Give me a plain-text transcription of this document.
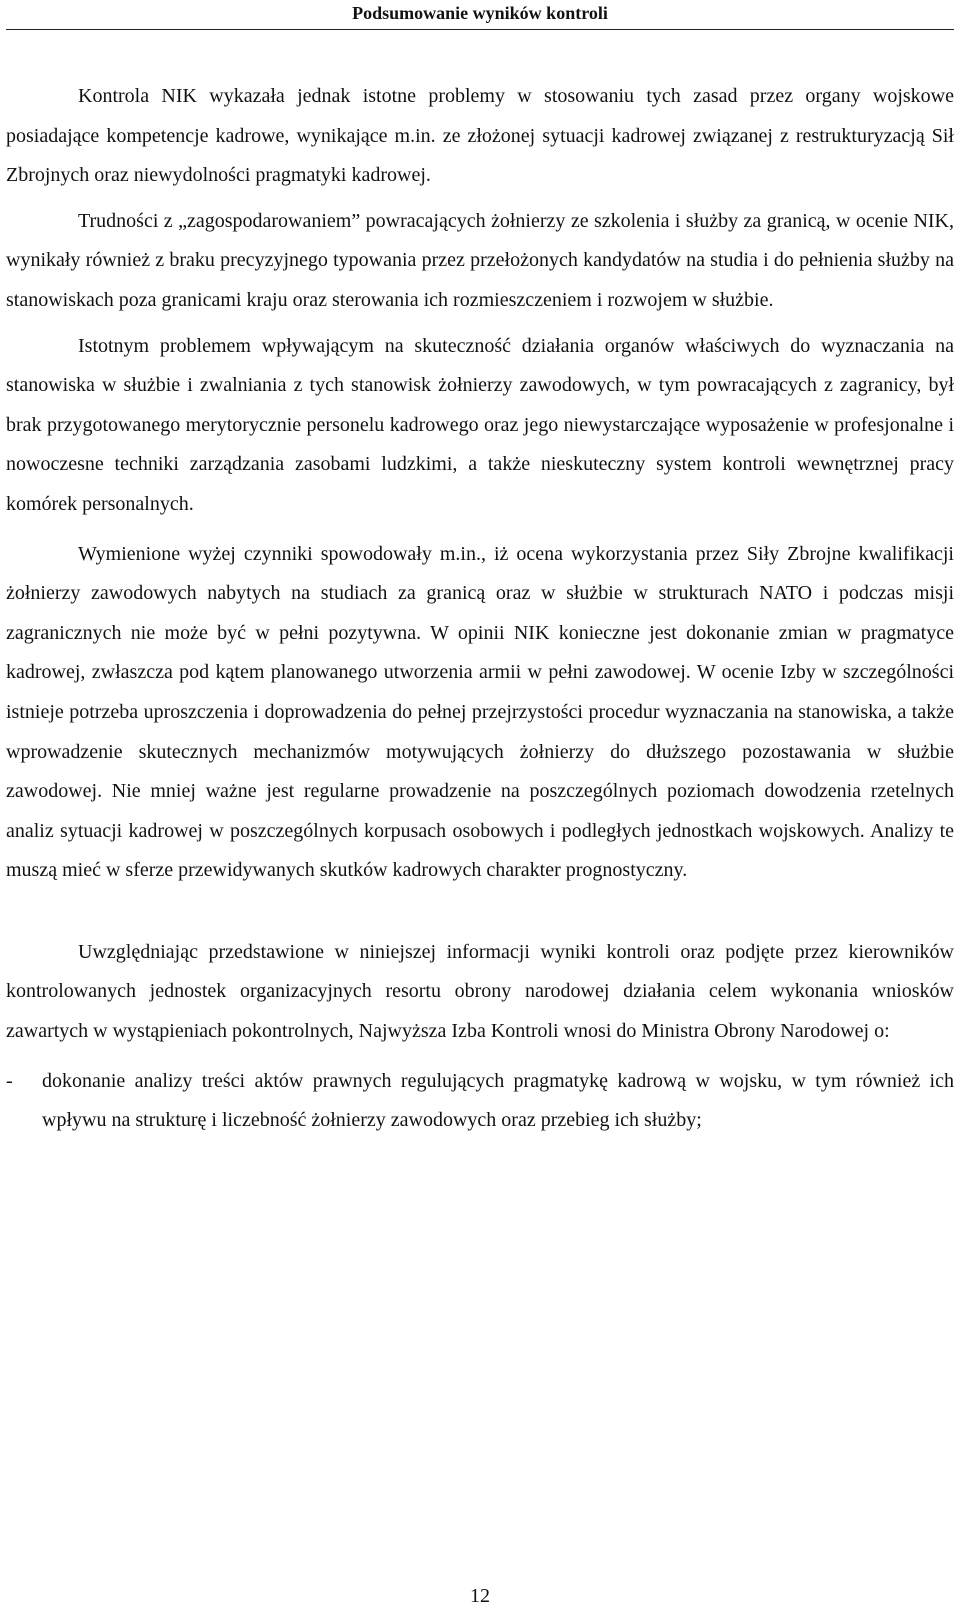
Podsumowanie wyników kontroli

Kontrola NIK wykazała jednak istotne problemy w stosowaniu tych zasad przez organy wojskowe posiadające kompetencje kadrowe, wynikające m.in. ze złożonej sytuacji kadrowej związanej z restrukturyzacją Sił Zbrojnych oraz niewydolności pragmatyki kadrowej.

Trudności z „zagospodarowaniem” powracających żołnierzy ze szkolenia i służby za granicą, w ocenie NIK, wynikały również z braku precyzyjnego typowania przez przełożonych kandydatów na studia i do pełnienia służby na stanowiskach poza granicami kraju oraz sterowania ich rozmieszczeniem i rozwojem w służbie.

Istotnym problemem wpływającym na skuteczność działania organów właściwych do wyznaczania na stanowiska w służbie i zwalniania z tych stanowisk żołnierzy zawodowych, w tym powracających z zagranicy, był brak przygotowanego merytorycznie personelu kadrowego oraz jego niewystarczające wyposażenie w profesjonalne i nowoczesne techniki zarządzania zasobami ludzkimi, a także nieskuteczny system kontroli wewnętrznej pracy komórek personalnych.

Wymienione wyżej czynniki spowodowały m.in., iż ocena wykorzystania przez Siły Zbrojne kwalifikacji żołnierzy zawodowych nabytych na studiach za granicą oraz w służbie w strukturach NATO i podczas misji zagranicznych nie może być w pełni pozytywna. W opinii NIK konieczne jest dokonanie zmian w pragmatyce kadrowej, zwłaszcza pod kątem planowanego utworzenia armii w pełni zawodowej. W ocenie Izby w szczególności istnieje potrzeba uproszczenia i doprowadzenia do pełnej przejrzystości procedur wyznaczania na stanowiska, a także wprowadzenie skutecznych mechanizmów motywujących żołnierzy do dłuższego pozostawania w służbie zawodowej. Nie mniej ważne jest regularne prowadzenie na poszczególnych poziomach dowodzenia rzetelnych analiz sytuacji kadrowej w poszczególnych korpusach osobowych i podległych jednostkach wojskowych. Analizy te muszą mieć w sferze przewidywanych skutków kadrowych charakter prognostyczny.

Uwzględniając przedstawione w niniejszej informacji wyniki kontroli oraz podjęte przez kierowników kontrolowanych jednostek organizacyjnych resortu obrony narodowej działania celem wykonania wniosków zawartych w wystąpieniach pokontrolnych, Najwyższa Izba Kontroli wnosi do Ministra Obrony Narodowej o:

- dokonanie analizy treści aktów prawnych regulujących pragmatykę kadrową w wojsku, w tym również ich wpływu na strukturę i liczebność żołnierzy zawodowych oraz przebieg ich służby;
12
